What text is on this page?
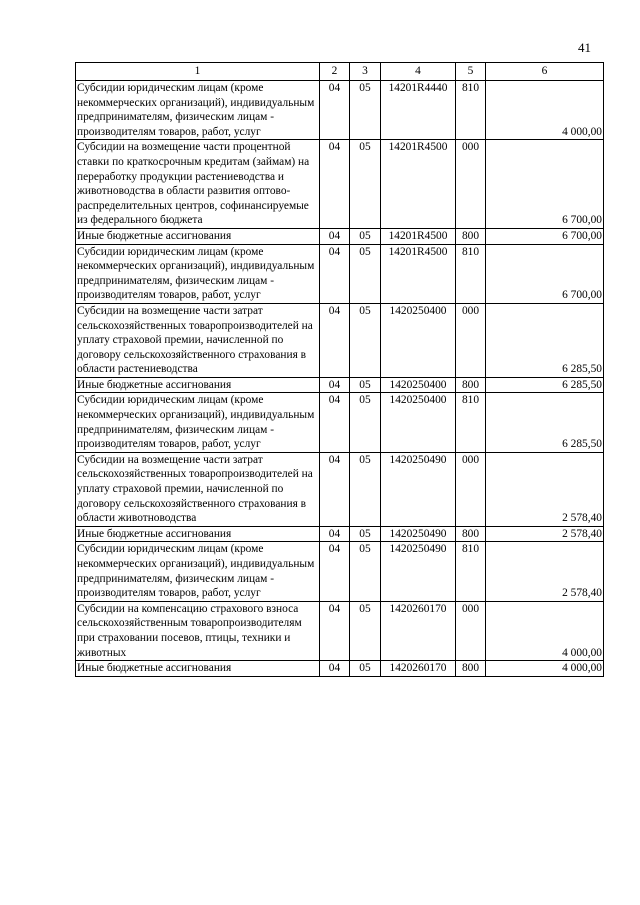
41
1	2	3	4	5	6
Субсидии юридическим лицам (кроме некоммерческих организаций), индивидуальным предпринимателям, физическим лицам - производителям товаров, работ, услуг	04	05	14201R4440	810	4 000,00
Субсидии на возмещение части процентной ставки по краткосрочным кредитам (займам) на переработку продукции растениеводства и животноводства в области развития оптово-распределительных центров, софинансируемые из федерального бюджета	04	05	14201R4500	000	6 700,00
Иные бюджетные ассигнования	04	05	14201R4500	800	6 700,00
Субсидии юридическим лицам (кроме некоммерческих организаций), индивидуальным предпринимателям, физическим лицам - производителям товаров, работ, услуг	04	05	14201R4500	810	6 700,00
Субсидии на возмещение части затрат сельскохозяйственных товаропроизводителей на уплату страховой премии, начисленной по договору сельскохозяйственного страхования в области растениеводства	04	05	1420250400	000	6 285,50
Иные бюджетные ассигнования	04	05	1420250400	800	6 285,50
Субсидии юридическим лицам (кроме некоммерческих организаций), индивидуальным предпринимателям, физическим лицам - производителям товаров, работ, услуг	04	05	1420250400	810	6 285,50
Субсидии на возмещение части затрат сельскохозяйственных товаропроизводителей на уплату страховой премии, начисленной по договору сельскохозяйственного страхования в области животноводства	04	05	1420250490	000	2 578,40
Иные бюджетные ассигнования	04	05	1420250490	800	2 578,40
Субсидии юридическим лицам (кроме некоммерческих организаций), индивидуальным предпринимателям, физическим лицам - производителям товаров, работ, услуг	04	05	1420250490	810	2 578,40
Субсидии на компенсацию страхового взноса сельскохозяйственным товаропроизводителям при страховании посевов, птицы, техники и животных	04	05	1420260170	000	4 000,00
Иные бюджетные ассигнования	04	05	1420260170	800	4 000,00
